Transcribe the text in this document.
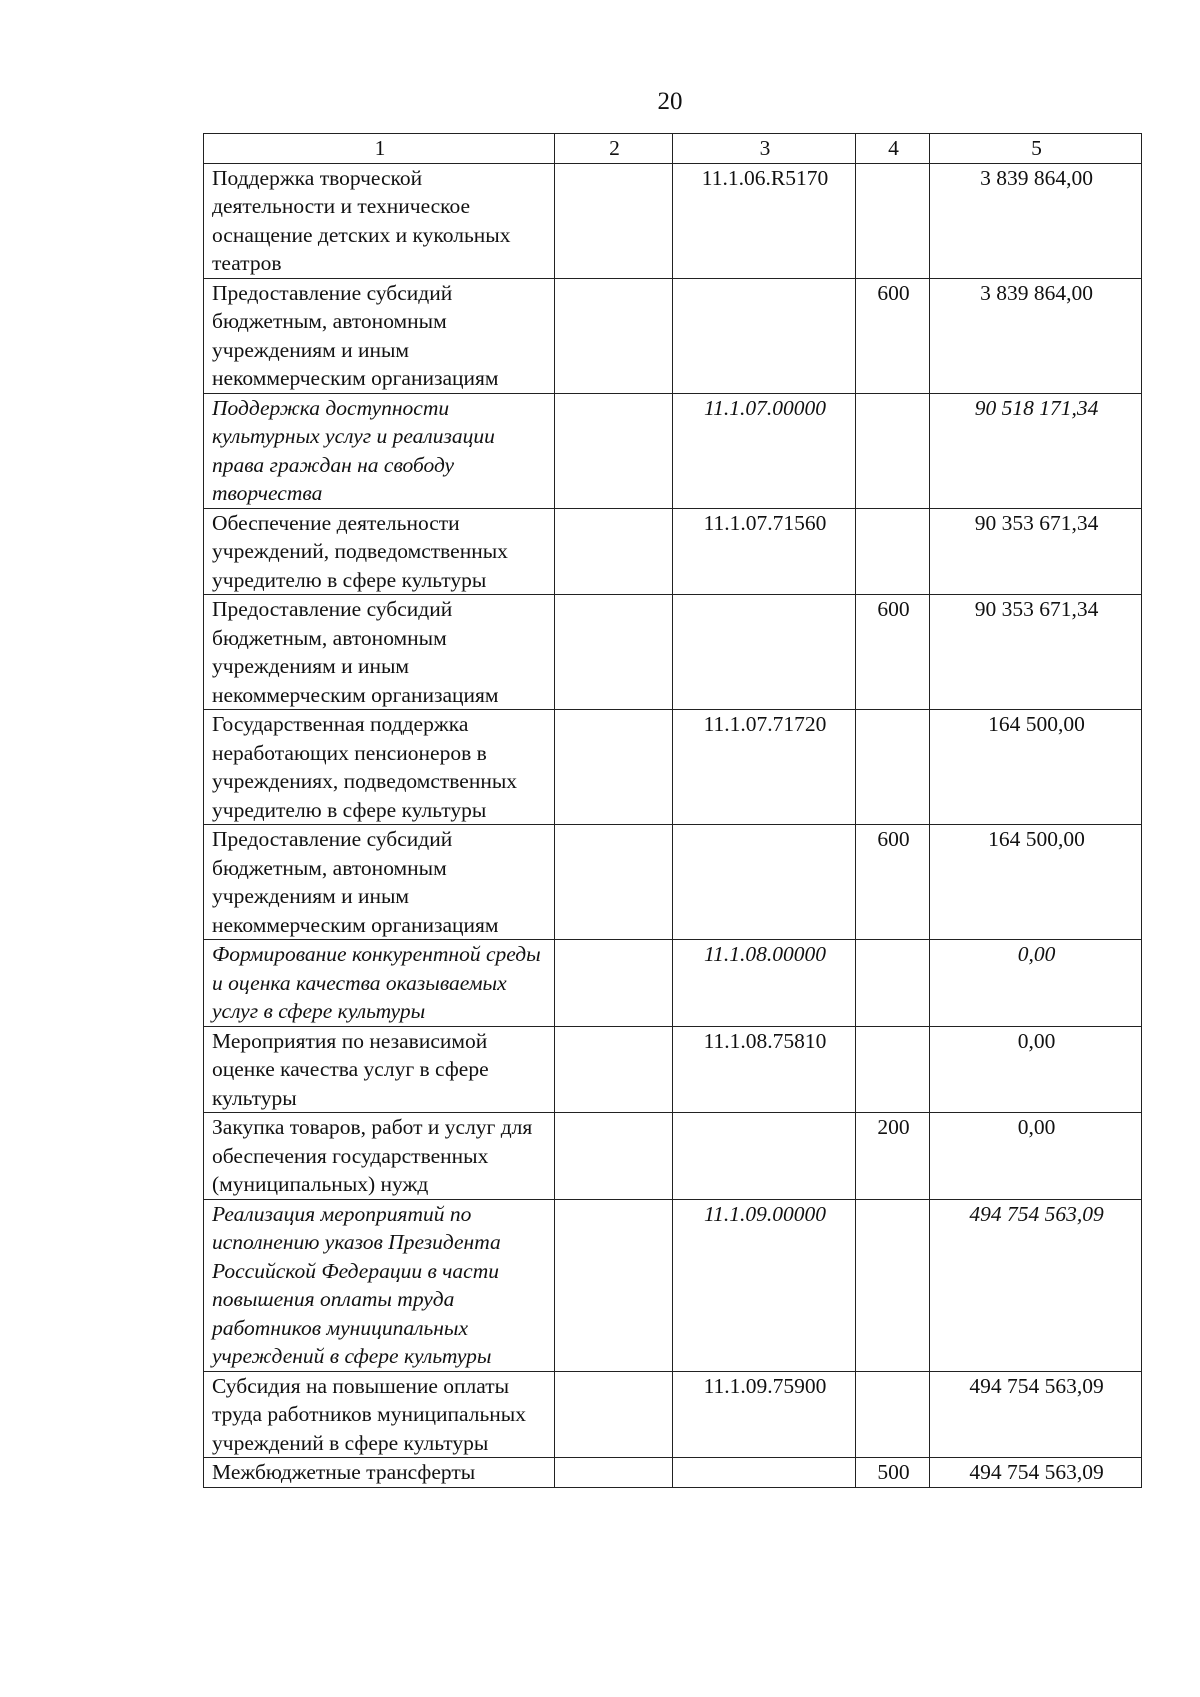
20
1	2	3	4	5
Поддержка творческой деятельности и техническое оснащение детских и кукольных театров		11.1.06.R5170		3 839 864,00
Предоставление субсидий бюджетным, автономным учреждениям и иным некоммерческим организациям			600	3 839 864,00
Поддержка доступности культурных услуг и реализации права граждан на свободу творчества		11.1.07.00000		90 518 171,34
Обеспечение деятельности учреждений, подведомственных учредителю в сфере культуры		11.1.07.71560		90 353 671,34
Предоставление субсидий бюджетным, автономным учреждениям и иным некоммерческим организациям			600	90 353 671,34
Государственная поддержка неработающих пенсионеров в учреждениях, подведомственных учредителю в сфере культуры		11.1.07.71720		164 500,00
Предоставление субсидий бюджетным, автономным учреждениям и иным некоммерческим организациям			600	164 500,00
Формирование конкурентной среды и оценка качества оказываемых услуг в сфере культуры		11.1.08.00000		0,00
Мероприятия по независимой оценке качества услуг в сфере культуры		11.1.08.75810		0,00
Закупка товаров, работ и услуг для обеспечения государственных (муниципальных) нужд			200	0,00
Реализация мероприятий по исполнению указов Президента Российской Федерации в части повышения оплаты труда работников муниципальных учреждений в сфере культуры		11.1.09.00000		494 754 563,09
Субсидия на повышение оплаты труда работников муниципальных учреждений в сфере культуры		11.1.09.75900		494 754 563,09
Межбюджетные трансферты			500	494 754 563,09
